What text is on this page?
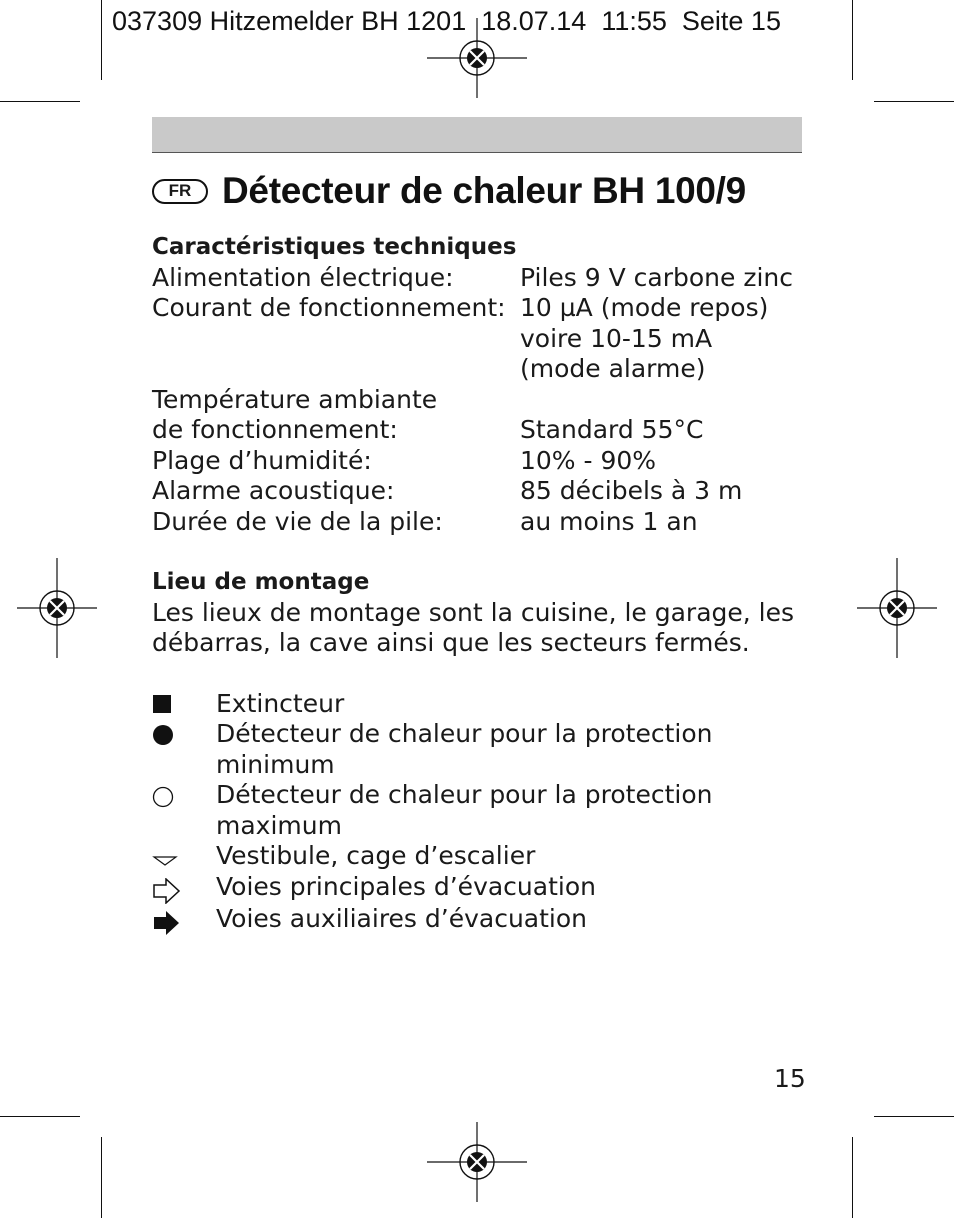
037309 Hitzemelder BH 1201  18.07.14  11:55  Seite 15
FR Détecteur de chaleur BH 100/9
Caractéristiques techniques
Alimentation électrique:	Piles 9 V carbone zinc
Courant de fonctionnement: 10 µA (mode repos)
voire 10-15 mA
(mode alarme)
Température ambiante
de fonctionnement:	
Standard 55°C
Plage d’humidité:	10% - 90%
Alarme acoustique:	85 décibels à 3 m
Durée de vie de la pile:	au moins 1 an
Lieu de montage
Les lieux de montage sont la cuisine, le garage, les débarras, la cave ainsi que les secteurs fermés.
Extincteur
Détecteur de chaleur pour la protection minimum
Détecteur de chaleur pour la protection maximum
Vestibule, cage d’escalier
Voies principales d’évacuation
Voies auxiliaires d’évacuation
15
